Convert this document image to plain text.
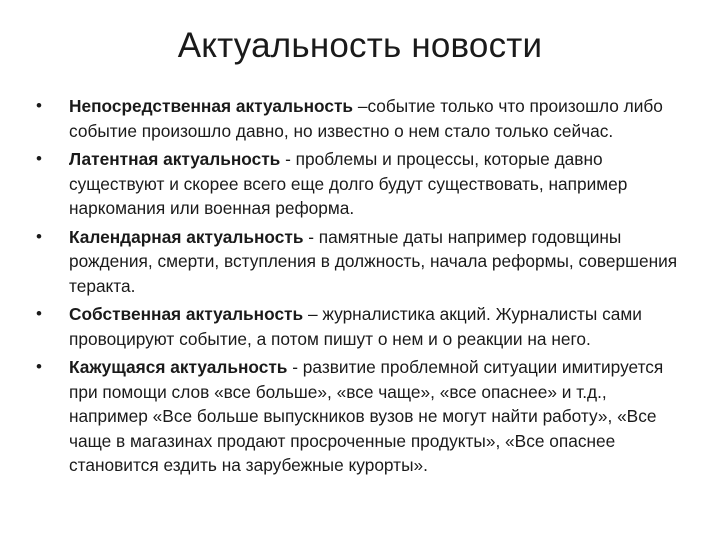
Актуальность новости
•	Непосредственная актуальность –событие только что произошло либо событие произошло давно, но известно о нем стало только сейчас.
•	Латентная актуальность - проблемы и процессы, которые давно существуют и скорее всего еще долго будут существовать, например наркомания или военная реформа.
•	Календарная актуальность - памятные даты например годовщины рождения, смерти, вступления в должность, начала реформы, совершения теракта.
•	Собственная актуальность – журналистика акций. Журналисты сами провоцируют событие, а потом пишут о нем и о реакции на него.
•	Кажущаяся актуальность - развитие проблемной ситуации имитируется при помощи слов «все больше», «все чаще», «все опаснее» и т.д., например «Все больше выпускников вузов не могут найти работу», «Все чаще в магазинах продают просроченные продукты», «Все опаснее становится ездить на зарубежные курорты».
